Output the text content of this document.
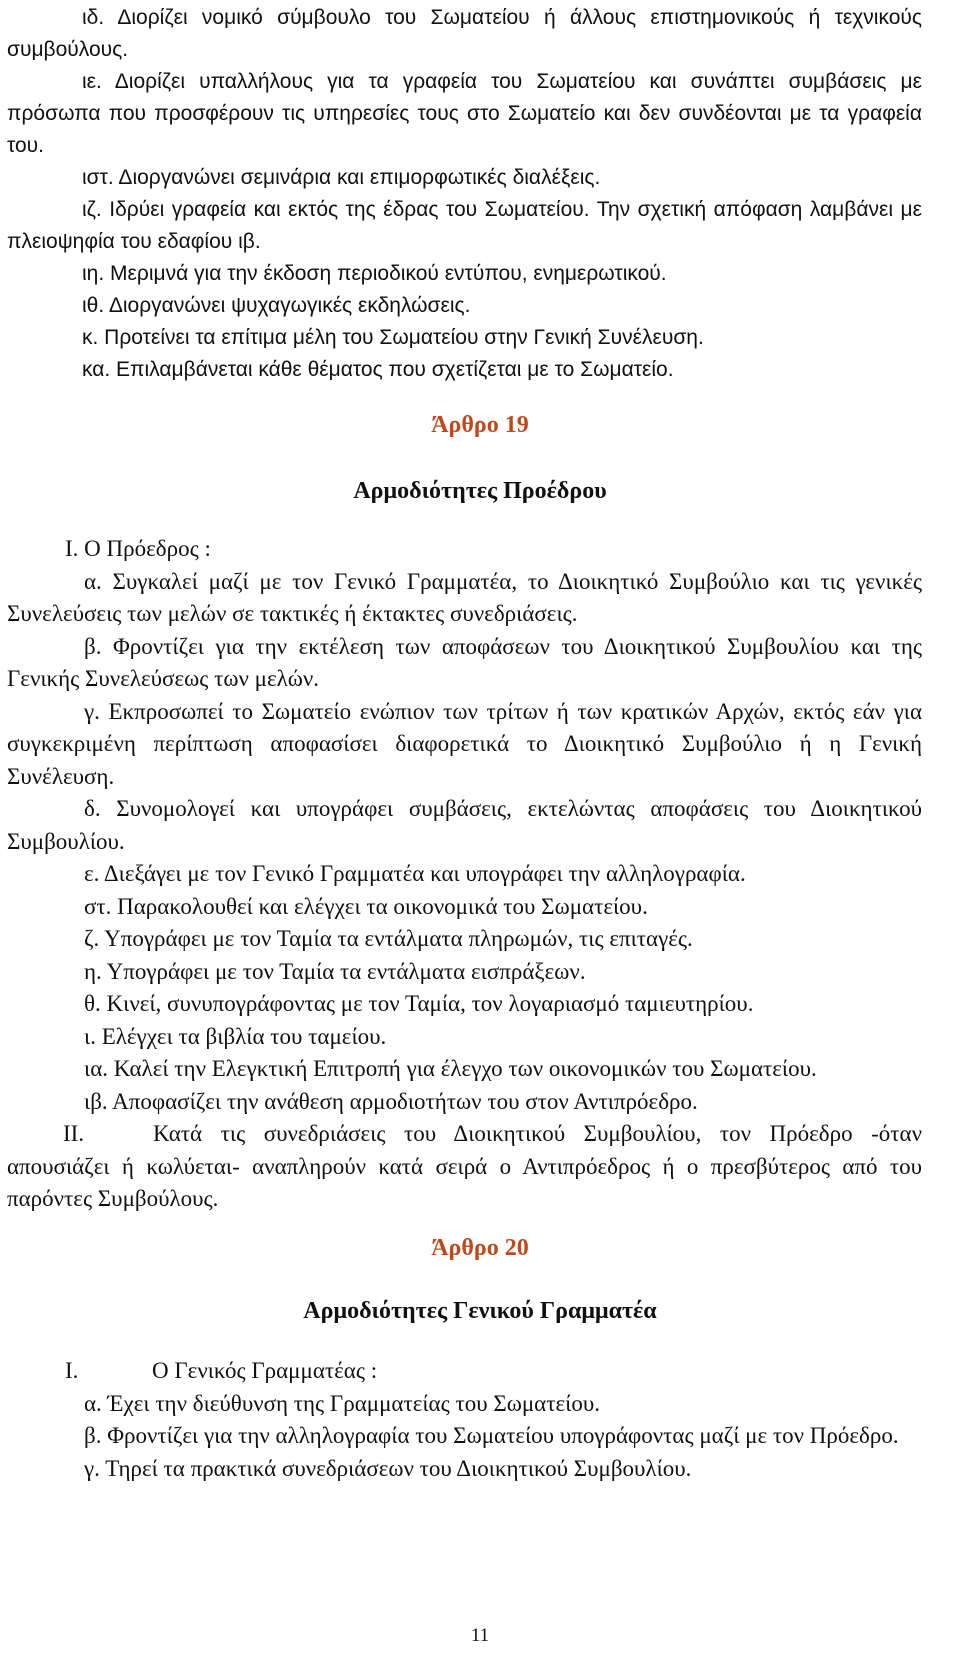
ιδ. Διορίζει νομικό σύμβουλο του Σωματείου ή άλλους επιστημονικούς ή τεχνικούς συμβούλους.

ιε. Διορίζει υπαλλήλους για τα γραφεία του Σωματείου και συνάπτει συμβάσεις με πρόσωπα που προσφέρουν τις υπηρεσίες τους στο Σωματείο και δεν συνδέονται με τα γραφεία του.

ιστ. Διοργανώνει σεμινάρια και επιμορφωτικές διαλέξεις.

ιζ. Ιδρύει γραφεία και εκτός της έδρας του Σωματείου. Την σχετική απόφαση λαμβάνει με πλειοψηφία του εδαφίου ιβ.

ιη. Μεριμνά για την έκδοση περιοδικού εντύπου, ενημερωτικού.

ιθ. Διοργανώνει ψυχαγωγικές εκδηλώσεις.

κ. Προτείνει τα επίτιμα μέλη του Σωματείου στην Γενική Συνέλευση.

κα. Επιλαμβάνεται κάθε θέματος που σχετίζεται με το Σωματείο.

Άρθρο 19
Αρμοδιότητες Προέδρου

Ι. Ο Πρόεδρος :

α. Συγκαλεί μαζί με τον Γενικό Γραμματέα, το Διοικητικό Συμβούλιο και τις γενικές Συνελεύσεις των μελών σε τακτικές ή έκτακτες συνεδριάσεις.

β. Φροντίζει για την εκτέλεση των αποφάσεων του Διοικητικού Συμβουλίου και της Γενικής Συνελεύσεως των μελών.

γ. Εκπροσωπεί το Σωματείο ενώπιον των τρίτων ή των κρατικών Αρχών, εκτός εάν για συγκεκριμένη περίπτωση αποφασίσει διαφορετικά το Διοικητικό Συμβούλιο ή η Γενική Συνέλευση.

δ. Συνομολογεί και υπογράφει συμβάσεις, εκτελώντας αποφάσεις του Διοικητικού Συμβουλίου.

ε. Διεξάγει με τον Γενικό Γραμματέα και υπογράφει την αλληλογραφία.

στ. Παρακολουθεί και ελέγχει τα οικονομικά του Σωματείου.

ζ. Υπογράφει με τον Ταμία τα εντάλματα πληρωμών, τις επιταγές.

η. Υπογράφει με τον Ταμία τα εντάλματα εισπράξεων.

θ. Κινεί, συνυπογράφοντας με τον Ταμία, τον λογαριασμό ταμιευτηρίου.

ι. Ελέγχει τα βιβλία του ταμείου.

ια. Καλεί την Ελεγκτική Επιτροπή για έλεγχο των οικονομικών του Σωματείου.

ιβ. Αποφασίζει την ανάθεση αρμοδιοτήτων του στον Αντιπρόεδρο.

ΙΙ.	Κατά τις συνεδριάσεις του Διοικητικού Συμβουλίου, τον Πρόεδρο -όταν απουσιάζει ή κωλύεται- αναπληρούν κατά σειρά ο Αντιπρόεδρος ή ο πρεσβύτερος από του παρόντες Συμβούλους.

Άρθρο 20
Αρμοδιότητες Γενικού Γραμματέα

Ι.	Ο Γενικός Γραμματέας :

α. Έχει την διεύθυνση της Γραμματείας του Σωματείου.

β. Φροντίζει για την αλληλογραφία του Σωματείου υπογράφοντας μαζί με τον Πρόεδρο.

γ. Τηρεί τα πρακτικά συνεδριάσεων του Διοικητικού Συμβουλίου.

11
